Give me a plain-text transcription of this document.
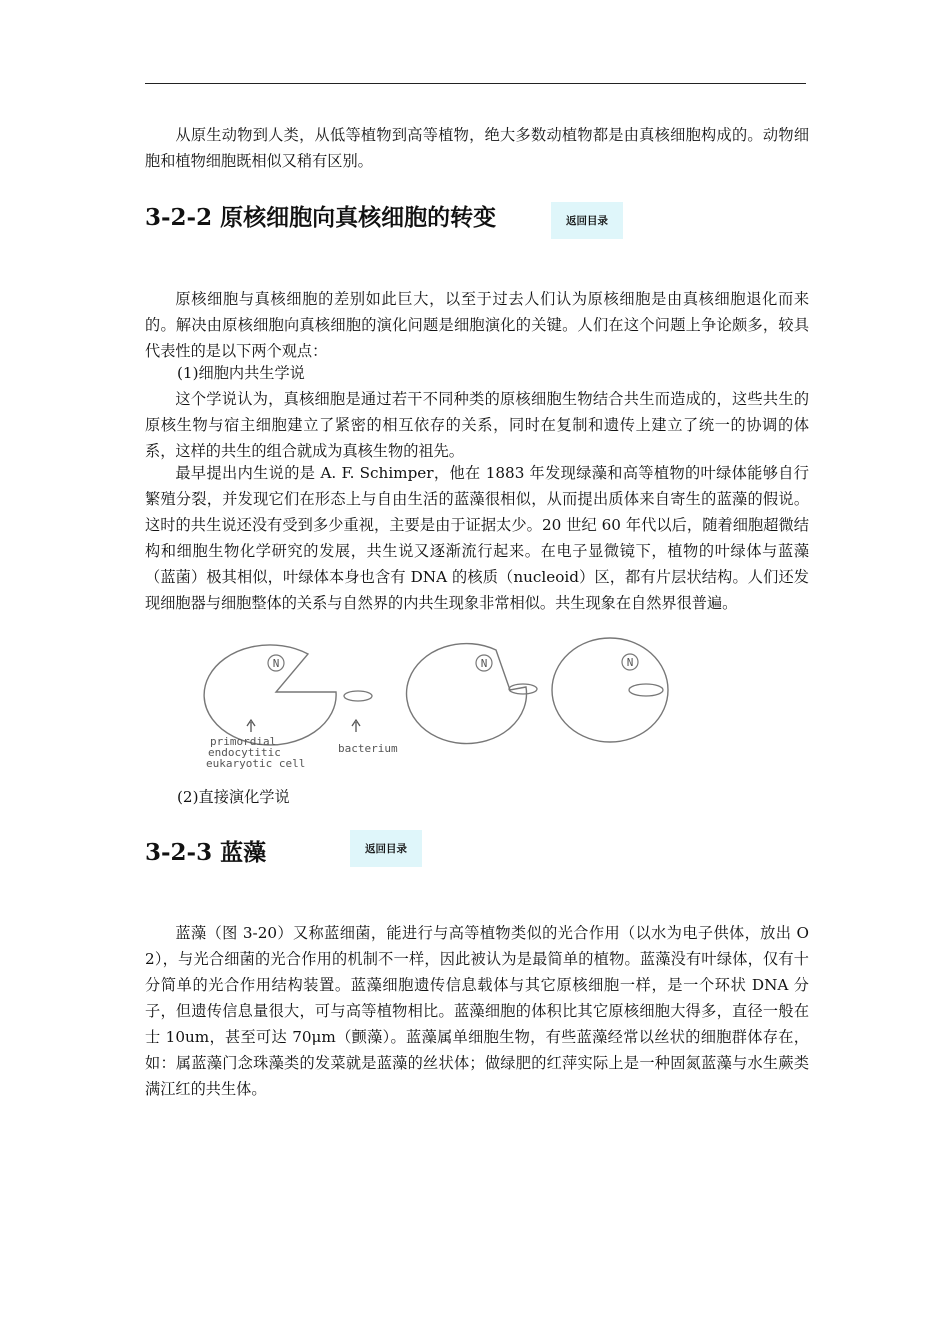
从原生动物到人类，从低等植物到高等植物，绝大多数动植物都是由真核细胞构成的。动物细胞和植物细胞既相似又稍有区别。

3-2-2 原核细胞向真核细胞的转变	返回目录

原核细胞与真核细胞的差别如此巨大，以至于过去人们认为原核细胞是由真核细胞退化而来的。解决由原核细胞向真核细胞的演化问题是细胞演化的关键。人们在这个问题上争论颇多，较具代表性的是以下两个观点：

(1)细胞内共生学说

这个学说认为，真核细胞是通过若干不同种类的原核细胞生物结合共生而造成的，这些共生的原核生物与宿主细胞建立了紧密的相互依存的关系，同时在复制和遗传上建立了统一的协调的体系，这样的共生的组合就成为真核生物的祖先。

最早提出内生说的是 A. F. Schimper，他在 1883 年发现绿藻和高等植物的叶绿体能够自行繁殖分裂，并发现它们在形态上与自由生活的蓝藻很相似，从而提出质体来自寄生的蓝藻的假说。这时的共生说还没有受到多少重视，主要是由于证据太少。20 世纪 60 年代以后，随着细胞超微结构和细胞生物化学研究的发展，共生说又逐渐流行起来。在电子显微镜下，植物的叶绿体与蓝藻（蓝菌）极其相似，叶绿体本身也含有 DNA 的核质（nucleoid）区，都有片层状结构。人们还发现细胞器与细胞整体的关系与自然界的内共生现象非常相似。共生现象在自然界很普遍。

N
primordial
endocytitic
eukaryotic cell
bacterium
N	N
(2)直接演化学说
3-2-3 蓝藻	返回目录

蓝藻（图 3-20）又称蓝细菌，能进行与高等植物类似的光合作用（以水为电子供体，放出 O 2），与光合细菌的光合作用的机制不一样，因此被认为是最简单的植物。蓝藻没有叶绿体，仅有十分简单的光合作用结构装置。蓝藻细胞遗传信息载体与其它原核细胞一样，是一个环状 DNA 分子，但遗传信息量很大，可与高等植物相比。蓝藻细胞的体积比其它原核细胞大得多，直径一般在士 10um，甚至可达 70μm（颤藻）。蓝藻属单细胞生物，有些蓝藻经常以丝状的细胞群体存在，如：属蓝藻门念珠藻类的发菜就是蓝藻的丝状体；做绿肥的红萍实际上是一种固氮蓝藻与水生蕨类满江红的共生体。
